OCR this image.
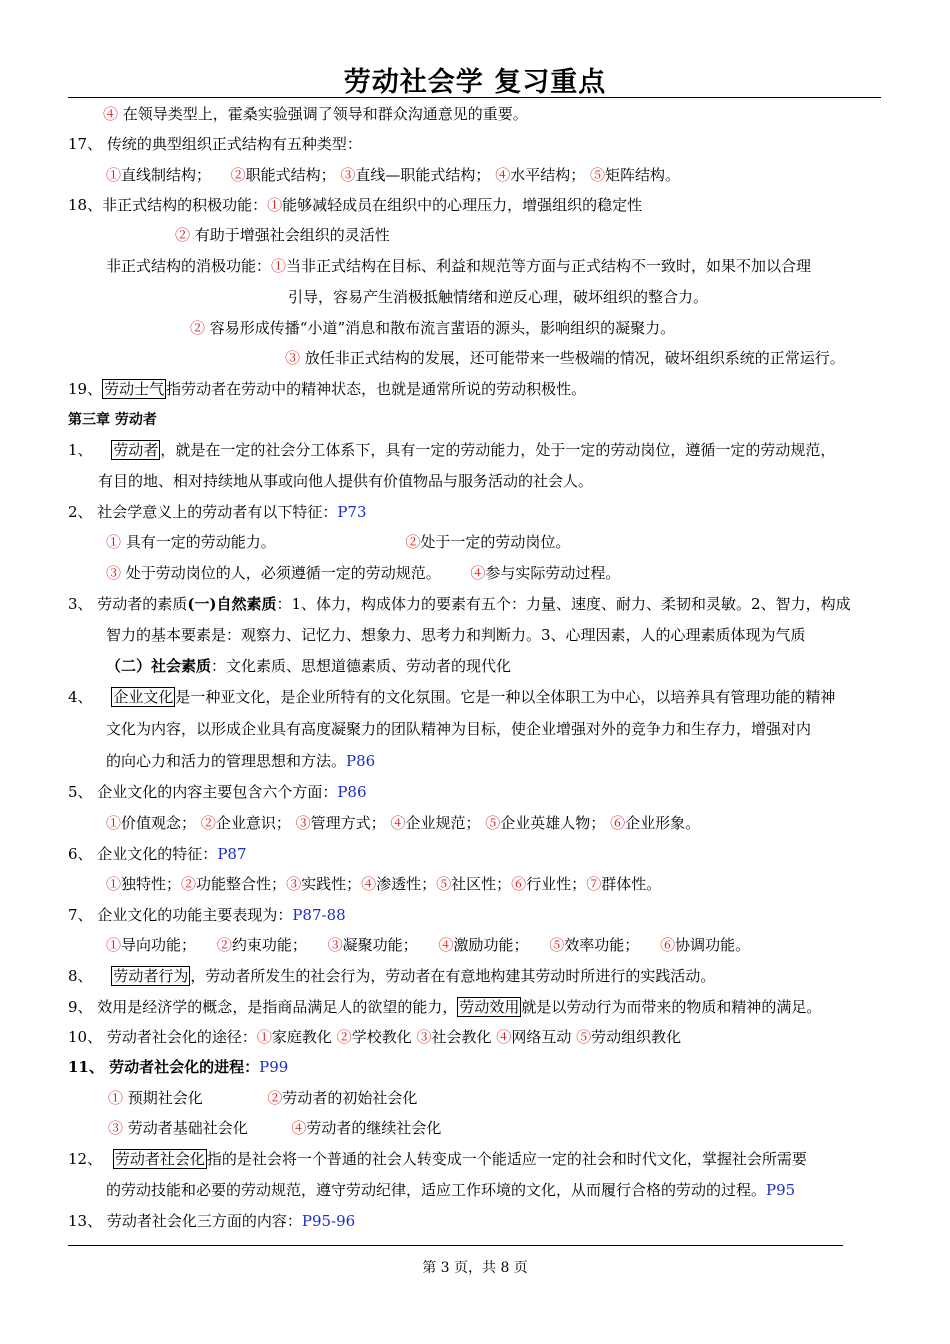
劳动社会学 复习重点
④ 在领导类型上，霍桑实验强调了领导和群众沟通意见的重要。
17、 传统的典型组织正式结构有五种类型：
①直线制结构； ②职能式结构； ③直线—职能式结构； ④水平结构； ⑤矩阵结构。
18、非正式结构的积极功能：①能够减轻成员在组织中的心理压力，增强组织的稳定性
② 有助于增强社会组织的灵活性
非正式结构的消极功能：①当非正式结构在目标、利益和规范等方面与正式结构不一致时，如果不加以合理
引导，容易产生消极抵触情绪和逆反心理，破坏组织的整合力。
② 容易形成传播“小道”消息和散布流言蜚语的源头，影响组织的凝聚力。
③ 放任非正式结构的发展，还可能带来一些极端的情况，破坏组织系统的正常运行。
19、 劳动士气 指劳动者在劳动中的精神状态，也就是通常所说的劳动积极性。
第三章 劳动者
1、 劳动者 ，就是在一定的社会分工体系下，具有一定的劳动能力，处于一定的劳动岗位，遵循一定的劳动规范，
有目的地、相对持续地从事或向他人提供有价值物品与服务活动的社会人。
2、 社会学意义上的劳动者有以下特征：P73
① 具有一定的劳动能力。	②处于一定的劳动岗位。
③ 处于劳动岗位的人，必须遵循一定的劳动规范。 ④参与实际劳动过程。
3、 劳动者的素质(一)自然素质：1、体力，构成体力的要素有五个：力量、速度、耐力、柔韧和灵敏。2、智力，构成
智力的基本要素是：观察力、记忆力、想象力、思考力和判断力。3、心理因素，人的心理素质体现为气质
（二）社会素质：文化素质、思想道德素质、劳动者的现代化
4、 企业文化 是一种亚文化，是企业所特有的文化氛围。它是一种以全体职工为中心，以培养具有管理功能的精神
文化为内容，以形成企业具有高度凝聚力的团队精神为目标，使企业增强对外的竞争力和生存力，增强对内
的向心力和活力的管理思想和方法。P86
5、 企业文化的内容主要包含六个方面：P86
①价值观念； ②企业意识； ③管理方式； ④企业规范； ⑤企业英雄人物； ⑥企业形象。
6、 企业文化的特征：P87
①独特性；②功能整合性；③实践性；④渗透性；⑤社区性；⑥行业性；⑦群体性。
7、 企业文化的功能主要表现为：P87-88
①导向功能； ②约束功能； ③凝聚功能； ④激励功能； ⑤效率功能； ⑥协调功能。
8、 劳动者行为 ，劳动者所发生的社会行为，劳动者在有意地构建其劳动时所进行的实践活动。
9、 效用是经济学的概念，是指商品满足人的欲望的能力， 劳动效用 就是以劳动行为而带来的物质和精神的满足。
10、 劳动者社会化的途径：①家庭教化 ②学校教化 ③社会教化 ④网络互动 ⑤劳动组织教化
11、 劳动者社会化的进程：P99
① 预期社会化	②劳动者的初始社会化
③ 劳动者基础社会化	④劳动者的继续社会化
12、 劳动者社会化 指的是社会将一个普通的社会人转变成一个能适应一定的社会和时代文化，掌握社会所需要
的劳动技能和必要的劳动规范，遵守劳动纪律，适应工作环境的文化，从而履行合格的劳动的过程。P95
13、 劳动者社会化三方面的内容：P95-96
第 3 页，共 8 页
